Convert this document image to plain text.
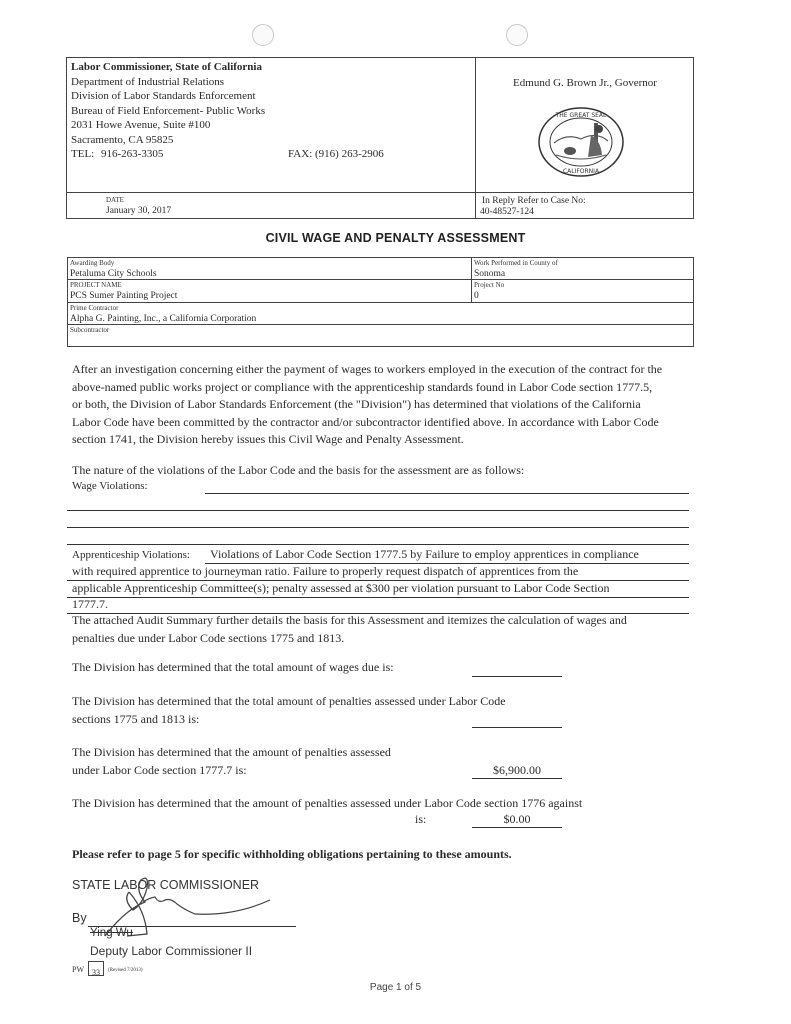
Labor Commissioner, State of California
Department of Industrial Relations
Division of Labor Standards Enforcement
Bureau of Field Enforcement- Public Works
2031 Howe Avenue, Suite #100
Sacramento, CA 95825
TEL: 916-263-3305	FAX: (916) 263-2906
Edmund G. Brown Jr., Governor
THE GREAT SEAL
CALIFORNIA
DATE
January 30, 2017
In Reply Refer to Case No:
40-48527-124
CIVIL WAGE AND PENALTY ASSESSMENT
Awarding Body
Petaluma City Schools
Work Performed in County of
Sonoma
PROJECT NAME
PCS Sumer Painting Project
Project No
0
Prime Contractor
Alpha G. Painting, Inc., a California Corporation
Subcontractor
After an investigation concerning either the payment of wages to workers employed in the execution of the contract for the
above-named public works project or compliance with the apprenticeship standards found in Labor Code section 1777.5,
or both, the Division of Labor Standards Enforcement (the "Division") has determined that violations of the California
Labor Code have been committed by the contractor and/or subcontractor identified above. In accordance with Labor Code
section 1741, the Division hereby issues this Civil Wage and Penalty Assessment.
The nature of the violations of the Labor Code and the basis for the assessment are as follows:
Wage Violations:
Apprenticeship Violations: Violations of Labor Code Section 1777.5 by Failure to employ apprentices in compliance
with required apprentice to journeyman ratio. Failure to properly request dispatch of apprentices from the
applicable Apprenticeship Committee(s); penalty assessed at $300 per violation pursuant to Labor Code Section
1777.7.
The attached Audit Summary further details the basis for this Assessment and itemizes the calculation of wages and
penalties due under Labor Code sections 1775 and 1813.
The Division has determined that the total amount of wages due is:
The Division has determined that the total amount of penalties assessed under Labor Code
sections 1775 and 1813 is:
The Division has determined that the amount of penalties assessed
under Labor Code section 1777.7 is:	$6,900.00
The Division has determined that the amount of penalties assessed under Labor Code section 1776 against
is:	$0.00
Please refer to page 5 for specific withholding obligations pertaining to these amounts.
STATE LABOR COMMISSIONER
By
Ying Wu
Deputy Labor Commissioner II
PW	33	(Revised 7/2013)
Page 1 of 5
